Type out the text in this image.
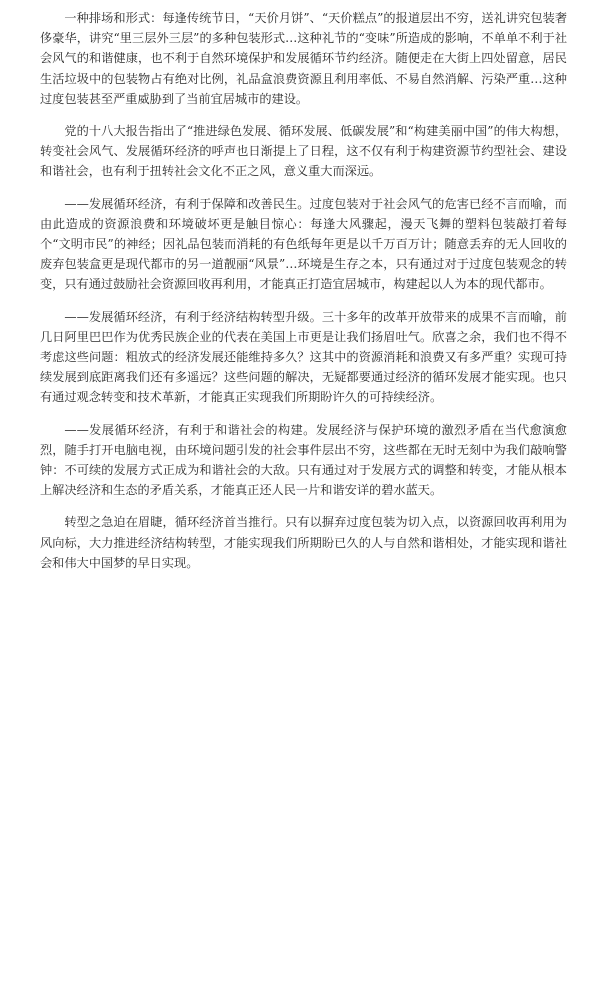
一种排场和形式：每逢传统节日，“天价月饼”、“天价糕点”的报道层出不穷，送礼讲究包装奢侈豪华，讲究“里三层外三层”的多种包装形式…这种礼节的“变味”所造成的影响，不单单不利于社会风气的和谐健康，也不利于自然环境保护和发展循环节约经济。随便走在大街上四处留意，居民生活垃圾中的包装物占有绝对比例，礼品盒浪费资源且利用率低、不易自然消解、污染严重…这种过度包装甚至严重威胁到了当前宜居城市的建设。

党的十八大报告指出了“推进绿色发展、循环发展、低碳发展”和“构建美丽中国”的伟大构想，转变社会风气、发展循环经济的呼声也日渐提上了日程，这不仅有利于构建资源节约型社会、建设和谐社会，也有利于扭转社会文化不正之风，意义重大而深远。

——发展循环经济，有利于保障和改善民生。过度包装对于社会风气的危害已经不言而喻，而由此造成的资源浪费和环境破坏更是触目惊心：每逢大风骤起，漫天飞舞的塑料包装敲打着每个“文明市民”的神经；因礼品包装而消耗的有色纸每年更是以千万百万计；随意丢弃的无人回收的废弃包装盒更是现代都市的另一道靓丽“风景”…环境是生存之本，只有通过对于过度包装观念的转变，只有通过鼓励社会资源回收再利用，才能真正打造宜居城市，构建起以人为本的现代都市。

——发展循环经济，有利于经济结构转型升级。三十多年的改革开放带来的成果不言而喻，前几日阿里巴巴作为优秀民族企业的代表在美国上市更是让我们扬眉吐气。欣喜之余，我们也不得不考虑这些问题：粗放式的经济发展还能维持多久？这其中的资源消耗和浪费又有多严重？实现可持续发展到底距离我们还有多遥远？这些问题的解决，无疑都要通过经济的循环发展才能实现。也只有通过观念转变和技术革新，才能真正实现我们所期盼许久的可持续经济。

——发展循环经济，有利于和谐社会的构建。发展经济与保护环境的激烈矛盾在当代愈演愈烈，随手打开电脑电视，由环境问题引发的社会事件层出不穷，这些都在无时无刻中为我们敲响警钟：不可续的发展方式正成为和谐社会的大敌。只有通过对于发展方式的调整和转变，才能从根本上解决经济和生态的矛盾关系，才能真正还人民一片和谐安详的碧水蓝天。

转型之急迫在眉睫，循环经济首当推行。只有以摒弃过度包装为切入点，以资源回收再利用为风向标，大力推进经济结构转型，才能实现我们所期盼已久的人与自然和谐相处，才能实现和谐社会和伟大中国梦的早日实现。
